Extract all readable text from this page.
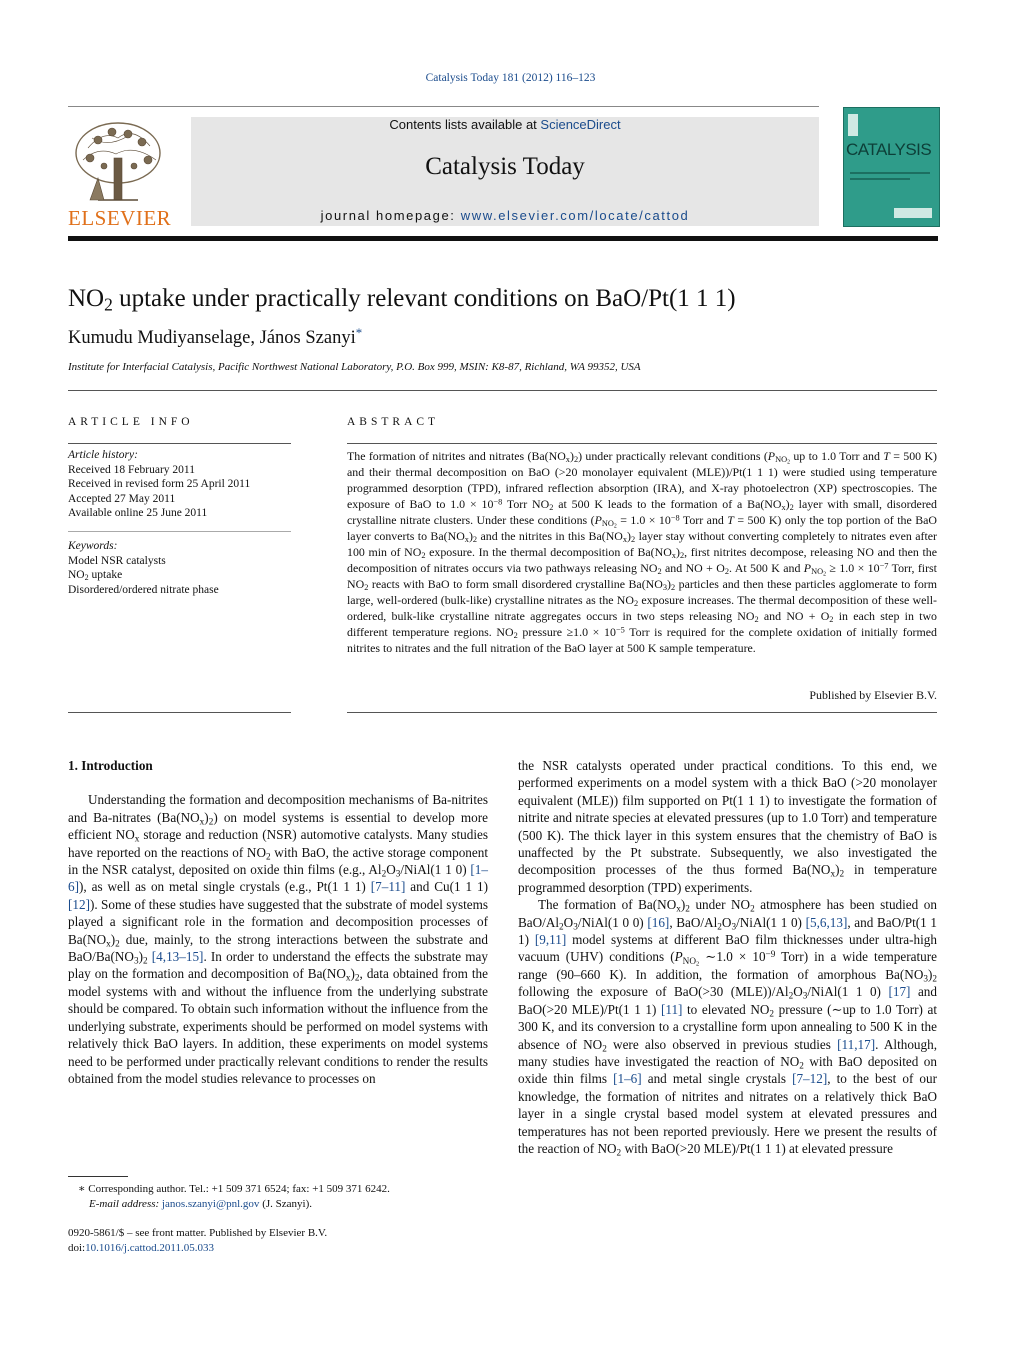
Catalysis Today 181 (2012) 116–123
ELSEVIER
Contents lists available at ScienceDirect
Catalysis Today
journal homepage: www.elsevier.com/locate/cattod
CATALYSIS
$NO_2$ uptake under practically relevant conditions on BaO/Pt(1 1 1)
Kumudu Mudiyanselage, János Szanyi*
Institute for Interfacial Catalysis, Pacific Northwest National Laboratory, P.O. Box 999, MSIN: K8-87, Richland, WA 99352, USA
ARTICLE INFO
Article history:
Received 18 February 2011
Received in revised form 25 April 2011
Accepted 27 May 2011
Available online 25 June 2011
Keywords:
Model NSR catalysts
$NO_2$ uptake
Disordered/ordered nitrate phase
ABSTRACT
The formation of nitrites and nitrates $(Ba(NO_x)_2)$ under practically relevant conditions ($P_{NO_2}$ up to 1.0 Torr and T = 500 K) and their thermal decomposition on BaO (>20 monolayer equivalent (MLE))/Pt(1 1 1) were studied using temperature programmed desorption (TPD), infrared reflection absorption (IRA), and X-ray photoelectron (XP) spectroscopies. The exposure of BaO to $1.0 \times 10^{-8}$ Torr $NO_2$ at 500 K leads to the formation of a $Ba(NO_x)_2$ layer with small, disordered crystalline nitrate clusters. Under these conditions ($P_{NO_2} = 1.0 \times 10^{-8}$ Torr and T = 500 K) only the top portion of the BaO layer converts to $Ba(NO_x)_2$ and the nitrites in this $Ba(NO_x)_2$ layer stay without converting completely to nitrates even after 100 min of $NO_2$ exposure. In the thermal decomposition of $Ba(NO_x)_2$, first nitrites decompose, releasing NO and then the decomposition of nitrates occurs via two pathways releasing $NO_2$ and NO + $O_2$. At 500 K and $P_{NO_2} \ge 1.0 \times 10^{-7}$ Torr, first $NO_2$ reacts with BaO to form small disordered crystalline $Ba(NO_3)_2$ particles and then these particles agglomerate to form large, well-ordered (bulk-like) crystalline nitrates as the $NO_2$ exposure increases. The thermal decomposition of these well-ordered, bulk-like crystalline nitrate aggregates occurs in two steps releasing $NO_2$ and NO + $O_2$ in each step in two different temperature regions. $NO_2$ pressure $\ge 1.0 \times 10^{-5}$ Torr is required for the complete oxidation of initially formed nitrites to nitrates and the full nitration of the BaO layer at 500 K sample temperature.
Published by Elsevier B.V.
1. Introduction

Understanding the formation and decomposition mechanisms of Ba-nitrites and Ba-nitrates $(Ba(NO_x)_2)$ on model systems is essential to develop more efficient $NO_x$ storage and reduction (NSR) automotive catalysts. Many studies have reported on the reactions of $NO_2$ with BaO, the active storage component in the NSR catalyst, deposited on oxide thin films (e.g., $Al_2O_3/NiAl(1$ 1 0) [1–6]), as well as on metal single crystals (e.g., Pt(1 1 1) [7–11] and Cu(1 1 1) [12]). Some of these studies have suggested that the substrate of model systems played a significant role in the formation and decomposition processes of $Ba(NO_x)_2$ due, mainly, to the strong interactions between the substrate and BaO/$Ba(NO_3)_2$ [4,13–15]. In order to understand the effects the substrate may play on the formation and decomposition of $Ba(NO_x)_2$, data obtained from the model systems with and without the influence from the underlying substrate should be compared. To obtain such information without the influence from the underlying substrate, experiments should be performed on model systems with relatively thick BaO layers. In addition, these experiments on model systems need to be performed under practically relevant conditions to render the results obtained from the model studies relevance to processes on

the NSR catalysts operated under practical conditions. To this end, we performed experiments on a model system with a thick BaO (>20 monolayer equivalent (MLE)) film supported on Pt(1 1 1) to investigate the formation of nitrite and nitrate species at elevated pressures (up to 1.0 Torr) and temperature (500 K). The thick layer in this system ensures that the chemistry of BaO is unaffected by the Pt substrate. Subsequently, we also investigated the decomposition processes of the thus formed $Ba(NO_x)_2$ in temperature programmed desorption (TPD) experiments.

The formation of $Ba(NO_x)_2$ under $NO_2$ atmosphere has been studied on BaO/$Al_2O_3/NiAl(1$ 0 0) [16], BaO/$Al_2O_3/NiAl(1$ 1 0) [5,6,13], and BaO/Pt(1 1 1) [9,11] model systems at different BaO film thicknesses under ultra-high vacuum (UHV) conditions ($P_{NO_2}$ ∼1.0 × $10^{-9}$ Torr) in a wide temperature range (90–660 K). In addition, the formation of amorphous $Ba(NO_3)_2$ following the exposure of BaO(>30 $(MLE))/Al_2O_3/NiAl(1$ 1 0) [17] and BaO(>20 MLE)/Pt(1 1 1) [11] to elevated $NO_2$ pressure (∼up to 1.0 Torr) at 300 K, and its conversion to a crystalline form upon annealing to 500 K in the absence of $NO_2$ were also observed in previous studies [11,17]. Although, many studies have investigated the reaction of $NO_2$ with BaO deposited on oxide thin films [1–6] and metal single crystals [7–12], to the best of our knowledge, the formation of nitrites and nitrates on a relatively thick BaO layer in a single crystal based model system at elevated pressures and temperatures has not been reported previously. Here we present the results of the reaction of $NO_2$ with BaO(>20 MLE)/Pt(1 1 1) at elevated pressure

∗ Corresponding author. Tel.: +1 509 371 6524; fax: +1 509 371 6242.
E-mail address: janos.szanyi@pnl.gov (J. Szanyi).
0920-5861/$ – see front matter. Published by Elsevier B.V.
doi:10.1016/j.cattod.2011.05.033
